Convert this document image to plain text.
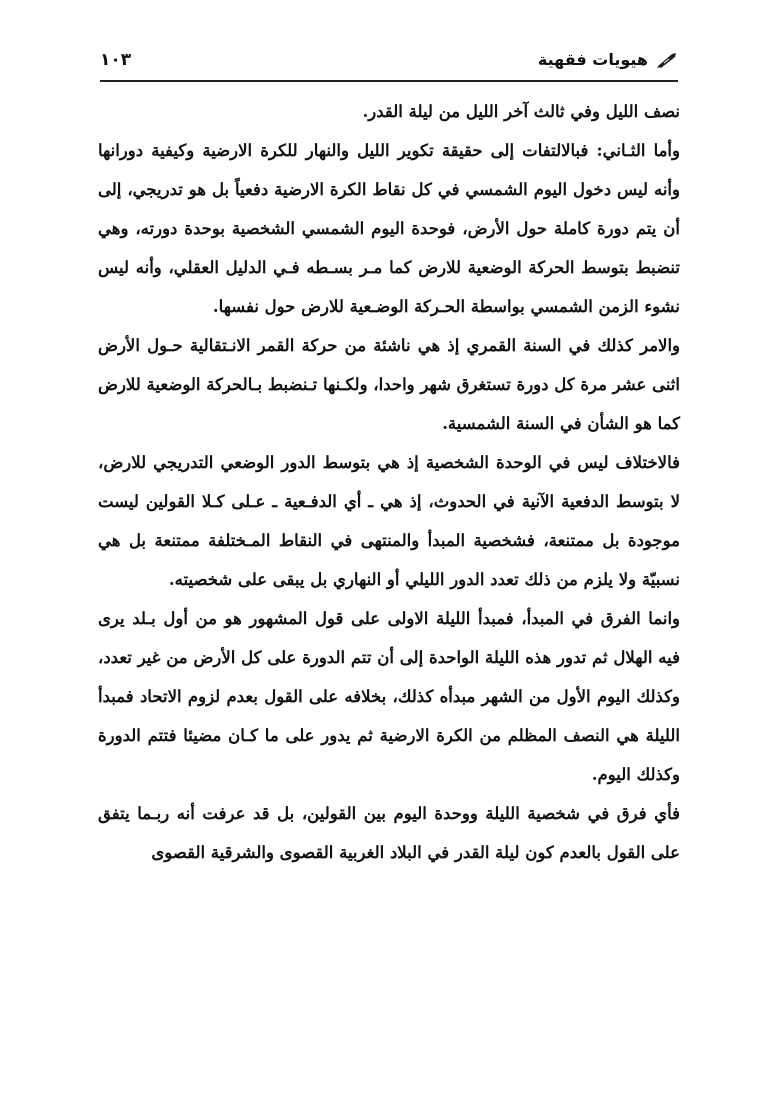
هيويات فقهية
١٠٣

نصف الليل وفي ثالث آخر الليل من ليلة القدر.

وأما الثـاني: فبالالتفات إلى حقيقة تكوير الليل والنهار للكرة الارضية وكيفية دورانها وأنه ليس دخول اليوم الشمسي في كل نقاط الكرة الارضية دفعياً بل هو تدريجي، إلى أن يتم دورة كاملة حول الأرض، فوحدة اليوم الشمسي الشخصية بوحدة دورته، وهي تنضبط بتوسط الحركة الوضعية للارض كما مـر بسـطه فـي الدليل العقلي، وأنه ليس نشوء الزمن الشمسي بواسطة الحـركة الوضـعية للارض حول نفسها.

والامر كذلك في السنة القمري إذ هي ناشئة من حركة القمر الانـتقالية حـول الأرض اثنى عشر مرة كل دورة تستغرق شهر واحدا، ولكـنها تـنضبط بـالحركة الوضعية للارض كما هو الشأن في السنة الشمسية.

فالاختلاف ليس في الوحدة الشخصية إذ هي بتوسط الدور الوضعي التدريجي للارض، لا بتوسط الدفعية الآنية في الحدوث، إذ هي ـ أي الدفـعية ـ عـلى كـلا القولين ليست موجودة بل ممتنعة، فشخصية المبدأ والمنتهى في النقاط المـختلفة ممتنعة بل هي نسبيّة ولا يلزم من ذلك تعدد الدور الليلي أو النهاري بل يبقى على شخصيته.

وانما الفرق في المبدأ، فمبدأ الليلة الاولى على قول المشهور هو من أول بـلد يرى فيه الهلال ثم تدور هذه الليلة الواحدة إلى أن تتم الدورة على كل الأرض من غير تعدد، وكذلك اليوم الأول من الشهر مبدأه كذلك، بخلافه على القول بعدم لزوم الاتحاد فمبدأ الليلة هي النصف المظلم من الكرة الارضية ثم يدور على ما كـان مضيئا فتتم الدورة وكذلك اليوم.

فأي فرق في شخصية الليلة ووحدة اليوم بين القولين، بل قد عرفت أنه ربـما يتفق على القول بالعدم كون ليلة القدر في البلاد الغربية القصوى والشرقية القصوى
